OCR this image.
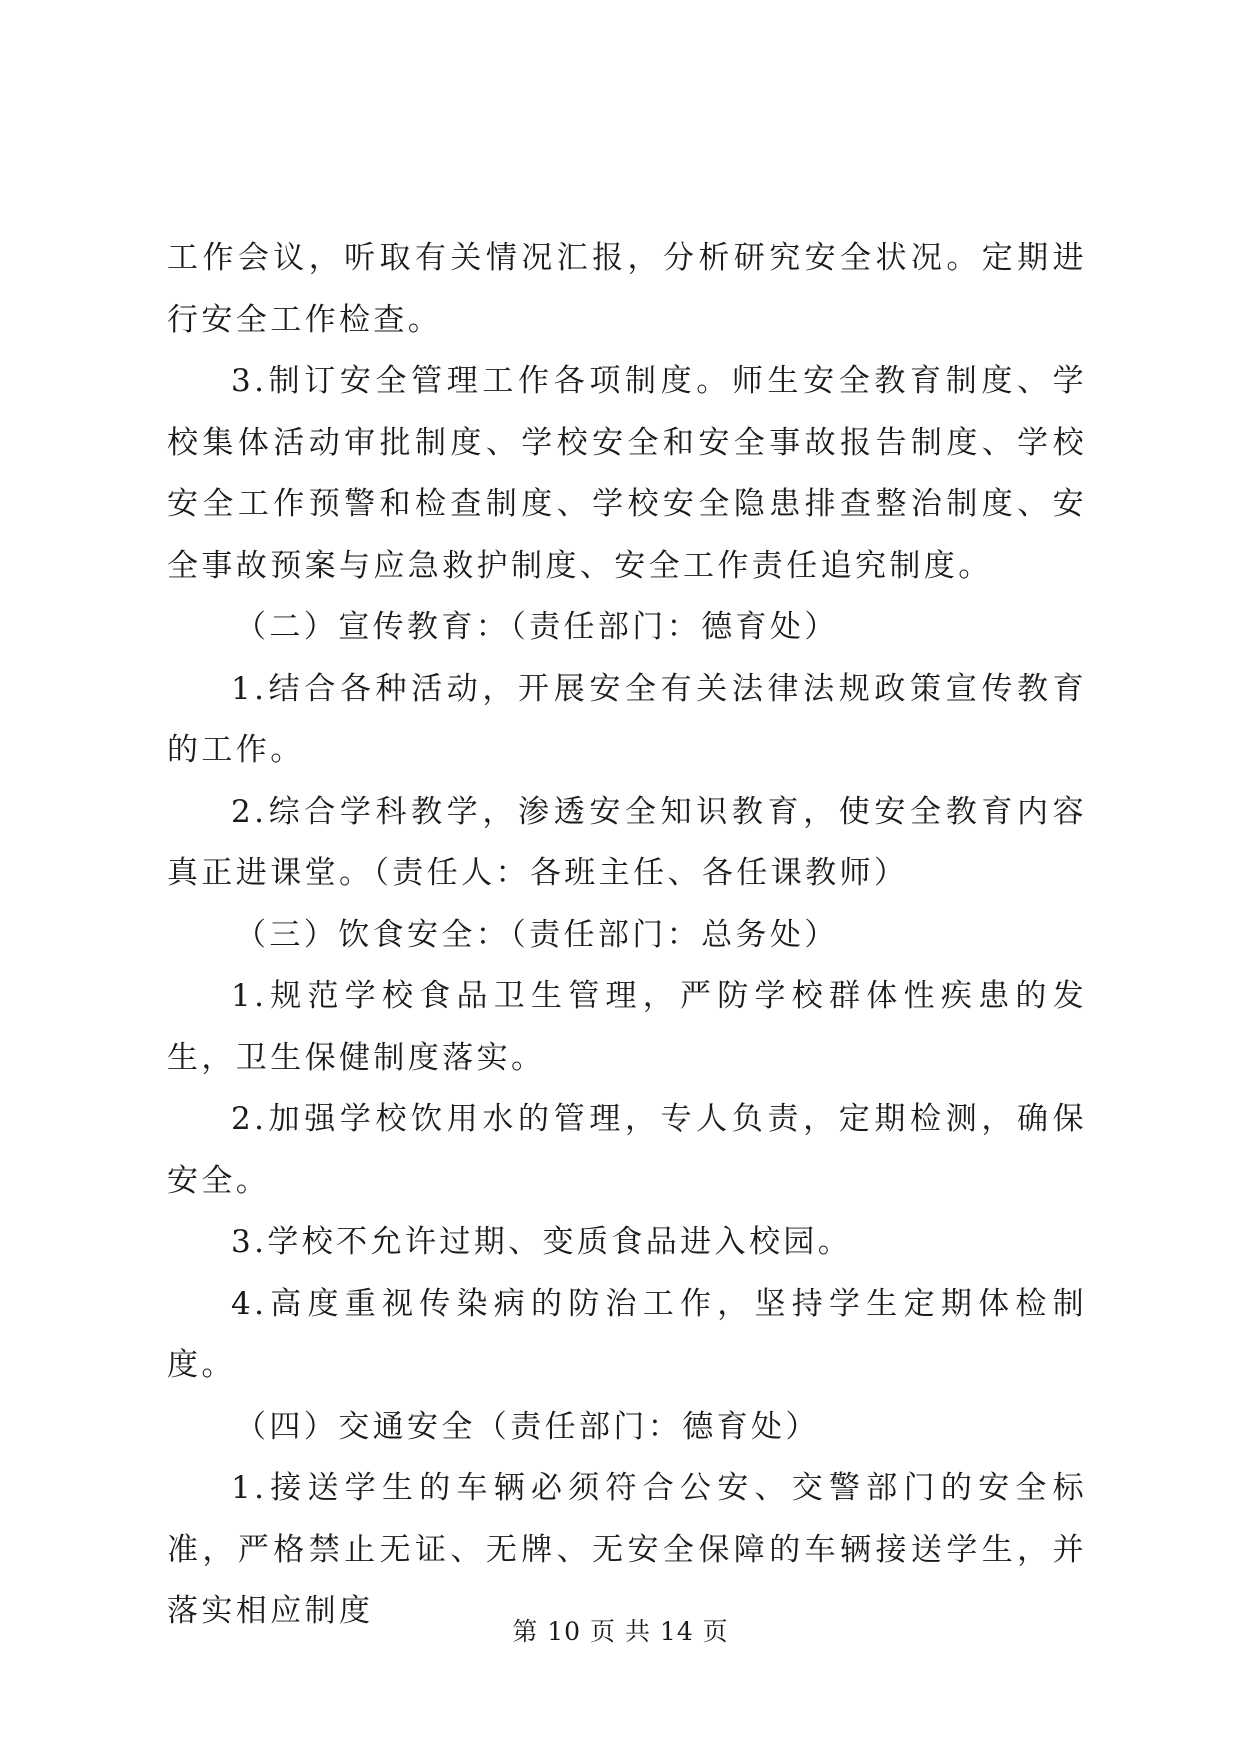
工作会议，听取有关情况汇报，分析研究安全状况。定期进行安全工作检查。

3.制订安全管理工作各项制度。师生安全教育制度、学校集体活动审批制度、学校安全和安全事故报告制度、学校安全工作预警和检查制度、学校安全隐患排查整治制度、安全事故预案与应急救护制度、安全工作责任追究制度。

（二）宣传教育：（责任部门：德育处）

1.结合各种活动，开展安全有关法律法规政策宣传教育的工作。

2.综合学科教学，渗透安全知识教育，使安全教育内容真正进课堂。（责任人：各班主任、各任课教师）

（三）饮食安全：（责任部门：总务处）

1.规范学校食品卫生管理，严防学校群体性疾患的发生，卫生保健制度落实。

2.加强学校饮用水的管理，专人负责，定期检测，确保安全。

3.学校不允许过期、变质食品进入校园。

4.高度重视传染病的防治工作，坚持学生定期体检制度。

（四）交通安全（责任部门：德育处）

1.接送学生的车辆必须符合公安、交警部门的安全标准，严格禁止无证、无牌、无安全保障的车辆接送学生，并落实相应制度

第 10 页 共 14 页
